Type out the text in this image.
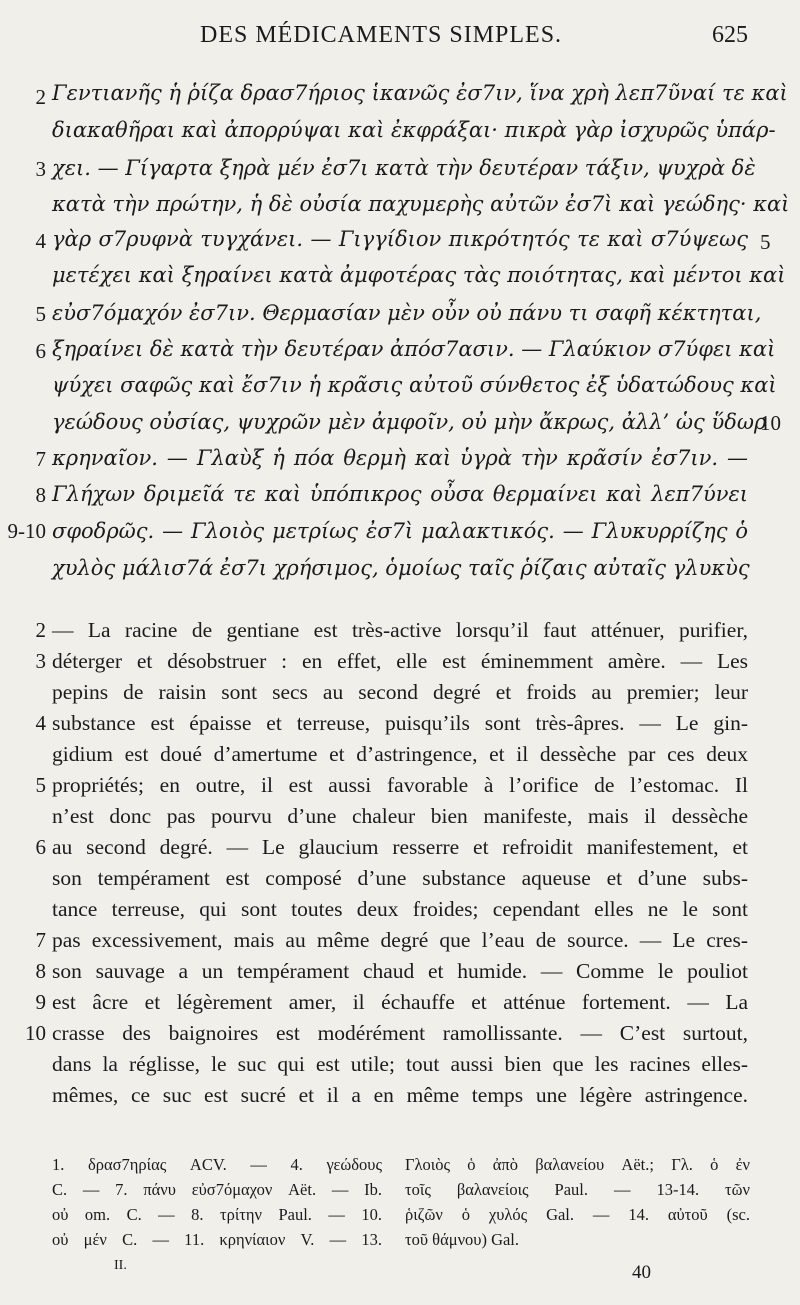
DES MÉDICAMENTS SIMPLES.	625
Γεντιανῆς ἡ ῥίζα δρασ7ήριος ἱκανῶς ἐσ7ιν, ἵνα χρὴ λεπ7ῦναί τε καὶ
διακαθῆραι καὶ ἀπορρύψαι καὶ ἐκφράξαι· πικρὰ γὰρ ἰσχυρῶς ὑπάρ-
χει. — Γίγαρτα ξηρὰ μέν ἐσ7ι κατὰ τὴν δευτέραν τάξιν, ψυχρὰ δὲ
κατὰ τὴν πρώτην, ἡ δὲ οὐσία παχυμερὴς αὐτῶν ἐσ7ὶ καὶ γεώδης· καὶ
γὰρ σ7ρυφνὰ τυγχάνει. — Γιγγίδιον πικρότητός τε καὶ σ7ύψεως
μετέχει καὶ ξηραίνει κατὰ ἀμφοτέρας τὰς ποιότητας, καὶ μέντοι καὶ
εὐσ7όμαχόν ἐσ7ιν. Θερμασίαν μὲν οὖν οὐ πάνυ τι σαφῆ κέκτηται,
ξηραίνει δὲ κατὰ τὴν δευτέραν ἀπόσ7ασιν. — Γλαύκιον σ7ύφει καὶ
ψύχει σαφῶς καὶ ἔσ7ιν ἡ κρᾶσις αὐτοῦ σύνθετος ἐξ ὑδατώδους καὶ
γεώδους οὐσίας, ψυχρῶν μὲν ἀμφοῖν, οὐ μὴν ἄκρως, ἀλλ’ ὡς ὕδωρ
κρηναῖον. — Γλαὺξ ἡ πόα θερμὴ καὶ ὑγρὰ τὴν κρᾶσίν ἐσ7ιν. —
Γλήχων δριμεῖά τε καὶ ὑπόπικρος οὖσα θερμαίνει καὶ λεπ7ύνει
σφοδρῶς. — Γλοιὸς μετρίως ἐσ7ὶ μαλακτικός. — Γλυκυρρίζης ὁ
χυλὸς μάλισ7ά ἐσ7ι χρήσιμος, ὁμοίως ταῖς ῥίζαις αὐταῖς γλυκὺς
2
3
4
5
6
7
8
9-10
5
10
— La racine de gentiane est très-active lorsqu’il faut atténuer, purifier,
déterger et désobstruer : en effet, elle est éminemment amère. — Les
pepins de raisin sont secs au second degré et froids au premier; leur
substance est épaisse et terreuse, puisqu’ils sont très-âpres. — Le gin-
gidium est doué d’amertume et d’astringence, et il dessèche par ces deux
propriétés; en outre, il est aussi favorable à l’orifice de l’estomac. Il
n’est donc pas pourvu d’une chaleur bien manifeste, mais il dessèche
au second degré. — Le glaucium resserre et refroidit manifestement, et
son tempérament est composé d’une substance aqueuse et d’une subs-
tance terreuse, qui sont toutes deux froides; cependant elles ne le sont
pas excessivement, mais au même degré que l’eau de source. — Le cres-
son sauvage a un tempérament chaud et humide. — Comme le pouliot
est âcre et légèrement amer, il échauffe et atténue fortement. — La
crasse des baignoires est modérément ramollissante. — C’est surtout,
dans la réglisse, le suc qui est utile; tout aussi bien que les racines elles-
mêmes, ce suc est sucré et il a en même temps une légère astringence.
2
3
4
5
6
7
8
9
10
1. δρασ7ηρίας ACV. — 4. γεώδους
C. — 7. πάνυ εὐσ7όμαχον Aët. — Ib.
οὐ om. C. — 8. τρίτην Paul. — 10.
οὐ μέν C. — 11. κρηνίαιον V. — 13.
Γλοιὸς ὁ ἀπὸ βαλανείου Aët.; Γλ. ὁ ἐν
τοῖς βαλανείοις Paul. — 13-14. τῶν
ῥιζῶν ὁ χυλός Gal. — 14. αὐτοῦ (sc.
τοῦ θάμνου) Gal.
II.	40
